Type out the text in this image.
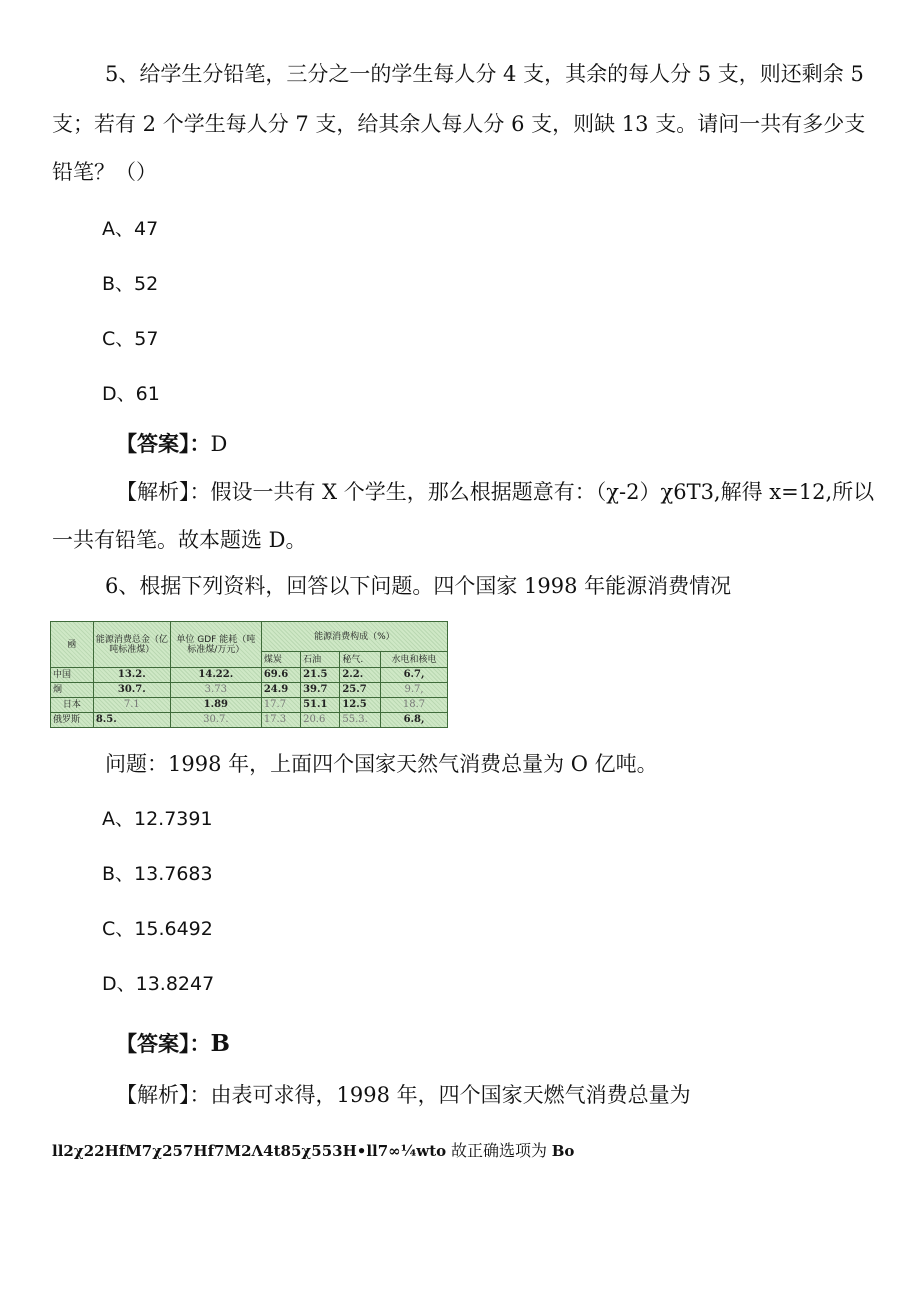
5、给学生分铅笔，三分之一的学生每人分 4 支，其余的每人分 5 支，则还剩余 5
支；若有 2 个学生每人分 7 支，给其余人每人分 6 支，则缺 13 支。请问一共有多少支
铅笔？（）
A、47
B、52
C、57
D、61
【答案】：D
【解析】：假设一共有 X 个学生，那么根据题意有：（χ-2）χ6T3,解得 x=12,所以
一共有铅笔。故本题选 D。
6、根据下列资料，回答以下问题。四个国家 1998 年能源消费情况
凾	能源消费总金（亿吨标准煤）	单位 GDF 能耗（吨标准煤/万元）	能源消费构成（%）			
			煤炭	石油	秘气.	水电和核电
中国	13.2.	14.22.	69.6	21.5	2.2.	6.7,
炯	30.7.	3.73	24.9	39.7	25.7	9.7,
日本	7.1	1.89	17.7	51.1	12.5	18.7
俄罗斯	8.5.	30.7.	17.3	20.6	55.3.	6.8,
问题：1998 年，上面四个国家天然气消费总量为 O 亿吨。
A、12.7391
B、13.7683
C、15.6492
D、13.8247
【答案】：B
【解析】：由表可求得，1998 年，四个国家天燃气消费总量为
ll2χ22HfM7χ257Hf7M2Λ4t85χ553H•ll7∞¼wto 故正确选项为 Bo
